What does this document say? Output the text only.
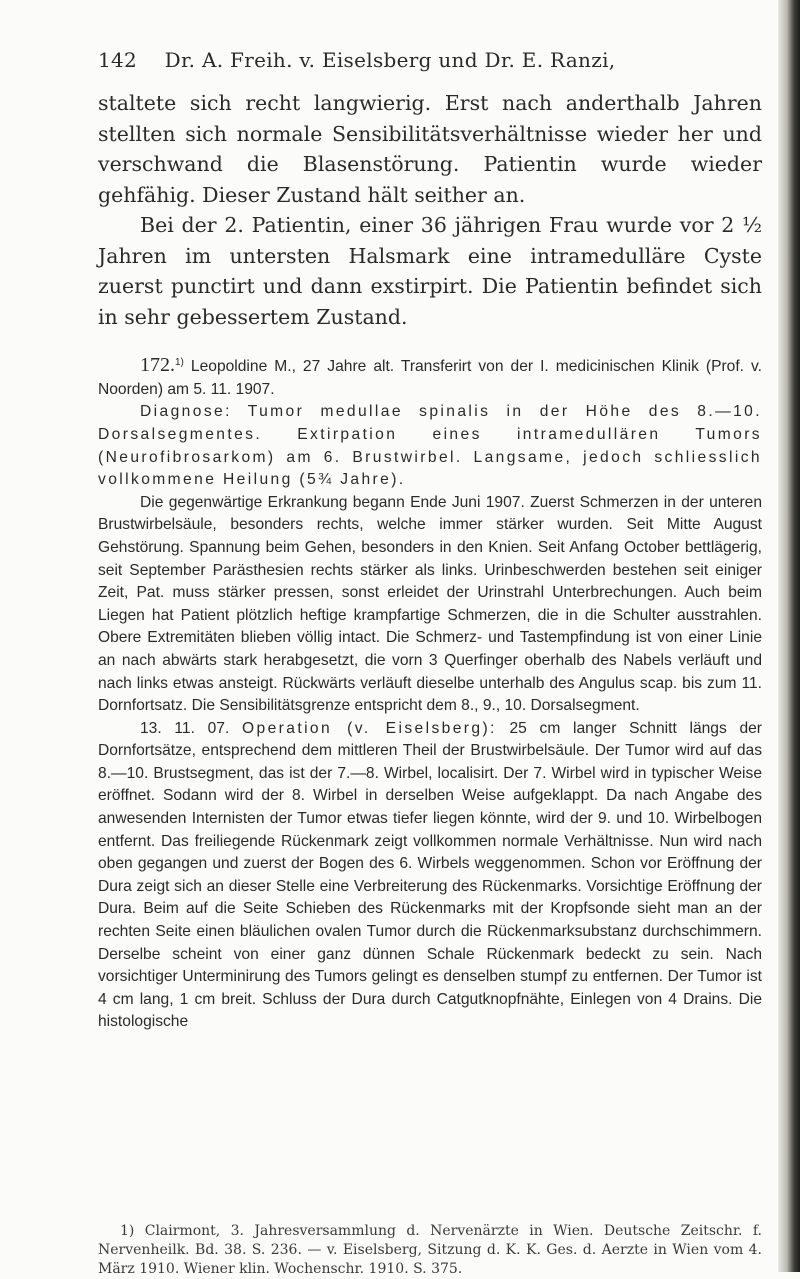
142 Dr. A. Freih. v. Eiselsberg und Dr. E. Ranzi,

staltete sich recht langwierig. Erst nach anderthalb Jahren stellten sich normale Sensibilitätsverhältnisse wieder her und verschwand die Blasenstörung. Patientin wurde wieder gehfähig. Dieser Zustand hält seither an.

Bei der 2. Patientin, einer 36 jährigen Frau wurde vor 2 ½ Jahren im untersten Halsmark eine intramedulläre Cyste zuerst punctirt und dann exstirpirt. Die Patientin befindet sich in sehr gebessertem Zustand.

172.$^{1)}$ Leopoldine M., 27 Jahre alt. Transferirt von der I. medicinischen Klinik (Prof. v. Noorden) am 5. 11. 1907.

Diagnose: Tumor medullae spinalis in der Höhe des 8.—10. Dorsalsegmentes. Extirpation eines intramedullären Tumors (Neurofibrosarkom) am 6. Brustwirbel. Langsame, jedoch schliesslich vollkommene Heilung (5¾ Jahre).

Die gegenwärtige Erkrankung begann Ende Juni 1907. Zuerst Schmerzen in der unteren Brustwirbelsäule, besonders rechts, welche immer stärker wurden. Seit Mitte August Gehstörung. Spannung beim Gehen, besonders in den Knien. Seit Anfang October bettlägerig, seit September Parästhesien rechts stärker als links. Urinbeschwerden bestehen seit einiger Zeit, Pat. muss stärker pressen, sonst erleidet der Urinstrahl Unterbrechungen. Auch beim Liegen hat Patient plötzlich heftige krampfartige Schmerzen, die in die Schulter ausstrahlen. Obere Extremitäten blieben völlig intact. Die Schmerz- und Tastempfindung ist von einer Linie an nach abwärts stark herabgesetzt, die vorn 3 Querfinger oberhalb des Nabels verläuft und nach links etwas ansteigt. Rückwärts verläuft dieselbe unterhalb des Angulus scap. bis zum 11. Dornfortsatz. Die Sensibilitätsgrenze entspricht dem 8., 9., 10. Dorsalsegment.

13. 11. 07. Operation (v. Eiselsberg): 25 cm langer Schnitt längs der Dornfortsätze, entsprechend dem mittleren Theil der Brustwirbelsäule. Der Tumor wird auf das 8.—10. Brustsegment, das ist der 7.—8. Wirbel, localisirt. Der 7. Wirbel wird in typischer Weise eröffnet. Sodann wird der 8. Wirbel in derselben Weise aufgeklappt. Da nach Angabe des anwesenden Internisten der Tumor etwas tiefer liegen könnte, wird der 9. und 10. Wirbelbogen entfernt. Das freiliegende Rückenmark zeigt vollkommen normale Verhältnisse. Nun wird nach oben gegangen und zuerst der Bogen des 6. Wirbels weggenommen. Schon vor Eröffnung der Dura zeigt sich an dieser Stelle eine Verbreiterung des Rückenmarks. Vorsichtige Eröffnung der Dura. Beim auf die Seite Schieben des Rückenmarks mit der Kropfsonde sieht man an der rechten Seite einen bläulichen ovalen Tumor durch die Rückenmarksubstanz durchschimmern. Derselbe scheint von einer ganz dünnen Schale Rückenmark bedeckt zu sein. Nach vorsichtiger Unterminirung des Tumors gelingt es denselben stumpf zu entfernen. Der Tumor ist 4 cm lang, 1 cm breit. Schluss der Dura durch Catgutknopfnähte, Einlegen von 4 Drains. Die histologische

1) Clairmont, 3. Jahresversammlung d. Nervenärzte in Wien. Deutsche Zeitschr. f. Nervenheilk. Bd. 38. S. 236. — v. Eiselsberg, Sitzung d. K. K. Ges. d. Aerzte in Wien vom 4. März 1910. Wiener klin. Wochenschr. 1910. S. 375.
